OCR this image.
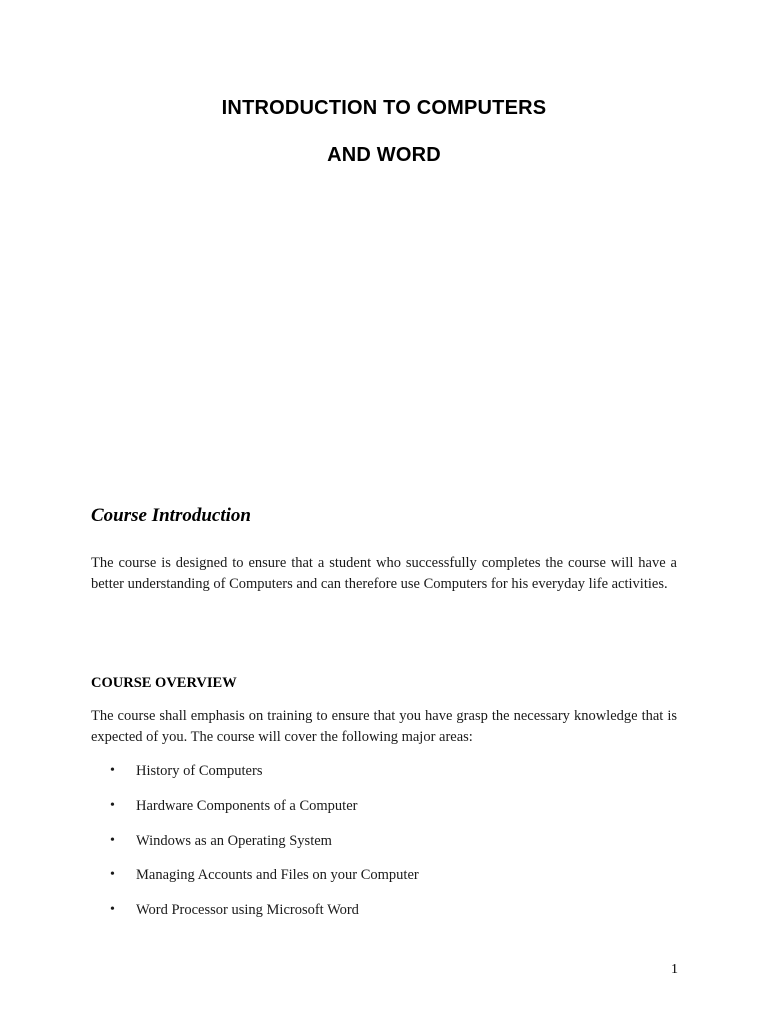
INTRODUCTION TO COMPUTERS
AND WORD
Course Introduction
The course is designed to ensure that a student who successfully completes the course will have a better understanding of Computers and can therefore use Computers for his everyday life activities.
COURSE OVERVIEW
The course shall emphasis on training to ensure that you have grasp the necessary knowledge that is expected of you. The course will cover the following major areas:
• History of Computers
• Hardware Components of a Computer
• Windows as an Operating System
• Managing Accounts and Files on your Computer
• Word Processor using Microsoft Word
1
